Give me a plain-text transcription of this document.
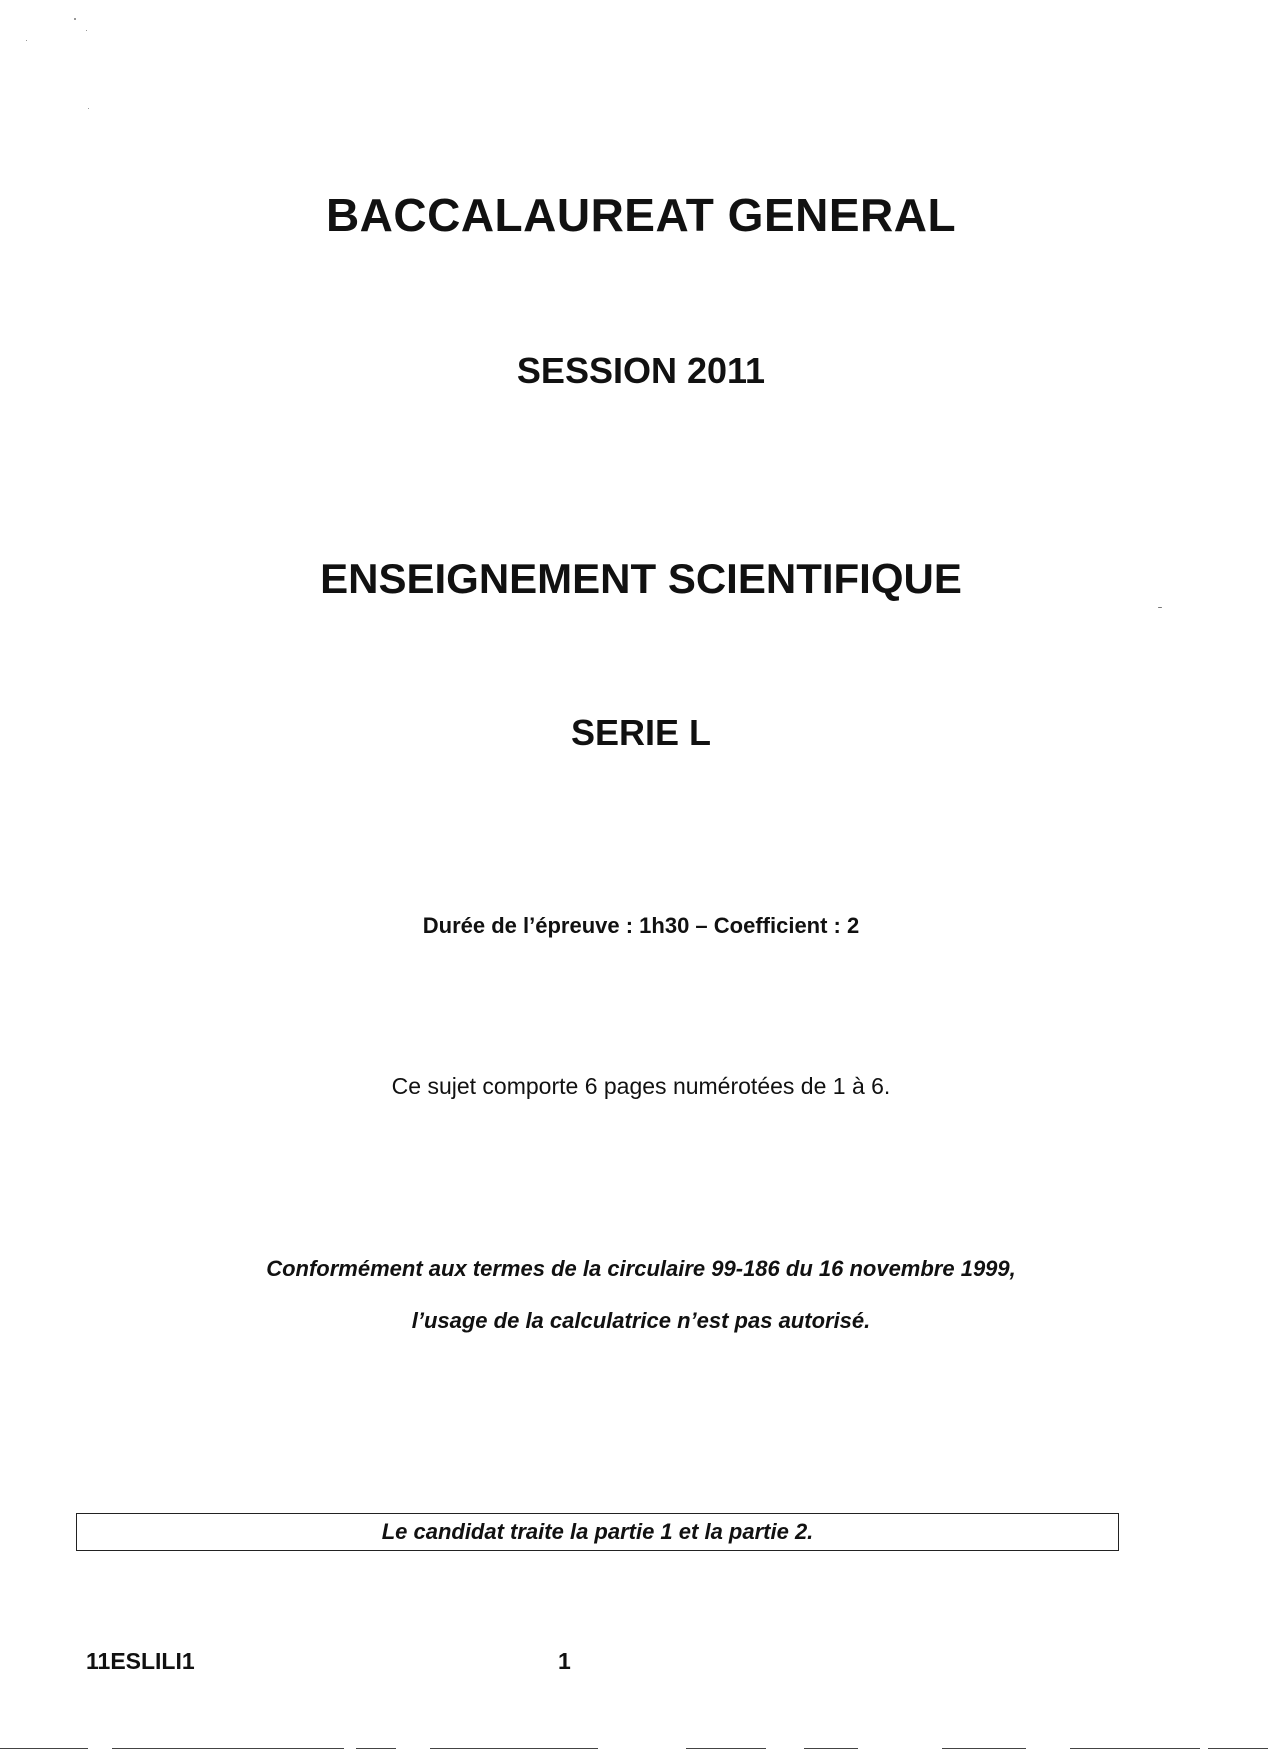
BACCALAUREAT GENERAL
SESSION 2011
ENSEIGNEMENT SCIENTIFIQUE
SERIE L
Durée de l’épreuve : 1h30 – Coefficient : 2
Ce sujet comporte 6 pages numérotées de 1 à 6.
Conformément aux termes de la circulaire 99-186 du 16 novembre 1999,
l’usage de la calculatrice n’est pas autorisé.
Le candidat traite la partie 1 et la partie 2.
11ESLILI1	1
